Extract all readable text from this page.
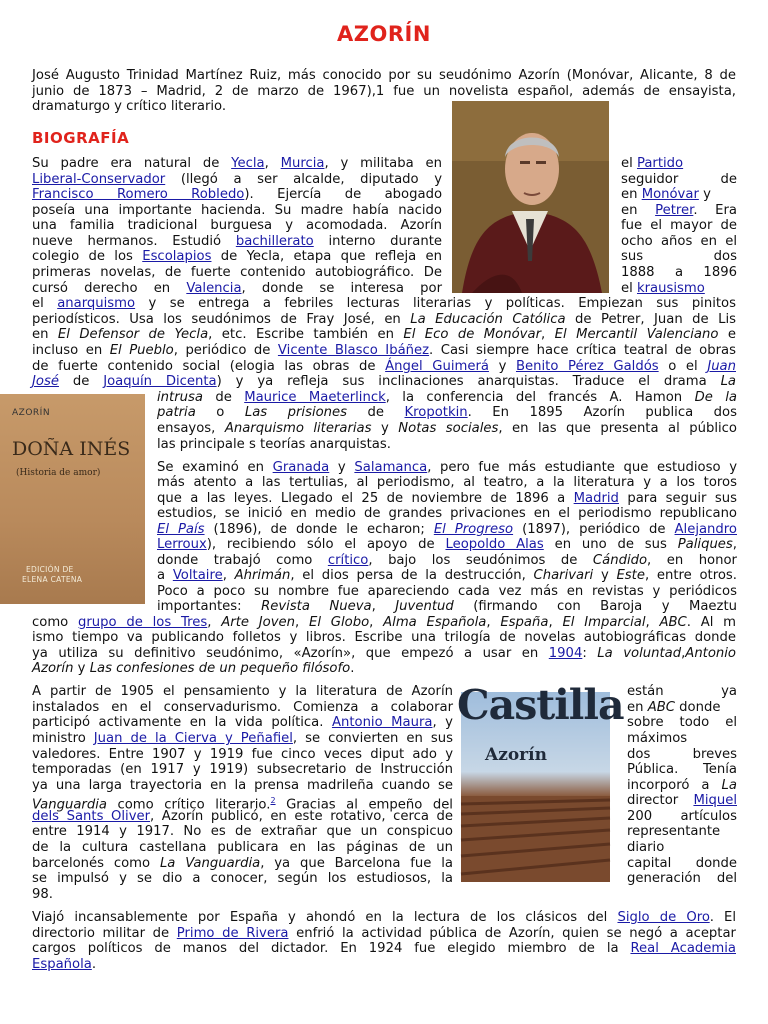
AZORÍN
José Augusto Trinidad Martínez Ruiz, más conocido por su seudónimo Azorín (Monóvar, Alicante, 8 de junio de 1873 – Madrid, 2 de marzo de 1967),1 fue un novelista español, además de ensayista, dramaturgo y crítico literario.
BIOGRAFÍA
Su padre era natural de Yecla, Murcia, y militaba en	el Partido
Liberal-Conservador (llegó a ser alcalde, diputado y	seguidor de
Francisco Romero Robledo). Ejercía de abogado	en Monóvar y
poseía una importante hacienda. Su madre había nacido	en Petrer. Era
una familia tradicional burguesa y acomodada. Azorín	fue el mayor de
nueve hermanos. Estudió bachillerato interno durante	ocho años en el
colegio de los Escolapios de Yecla, etapa que refleja en	sus dos
primeras novelas, de fuerte contenido autobiográfico. De	1888 a 1896
cursó derecho en Valencia, donde se interesa por	el krausismo
el anarquismo y se entrega a febriles lecturas literarias y políticas. Empiezan sus pinitos
periodísticos. Usa los seudónimos de Fray José, en La Educación Católica de Petrer, Juan de Lis
en El Defensor de Yecla, etc. Escribe también en El Eco de Monóvar, El Mercantil Valenciano e
incluso en El Pueblo, periódico de Vicente Blasco Ibáñez. Casi siempre hace crítica teatral de obras
de fuerte contenido social (elogia las obras de Ángel Guimerá y Benito Pérez Galdós o el Juan
José de Joaquín Dicenta) y ya refleja sus inclinaciones anarquistas. Traduce el drama La
AZORÍN
DOÑA INÉS
(Historia de amor)
EDICIÓN DE
ELENA CATENA
intrusa de Maurice Maeterlinck, la conferencia del francés A. Hamon De la
patria o Las prisiones de Kropotkin. En 1895 Azorín publica dos
ensayos, Anarquismo literarias y Notas sociales, en las que presenta al público
las principale s teorías anarquistas.
Se examinó en Granada y Salamanca, pero fue más estudiante que estudioso y
más atento a las tertulias, al periodismo, al teatro, a la literatura y a los toros
que a las leyes. Llegado el 25 de noviembre de 1896 a Madrid para seguir sus
estudios, se inició en medio de grandes privaciones en el periodismo republicano
El País (1896), de donde le echaron; El Progreso (1897), periódico de Alejandro
Lerroux), recibiendo sólo el apoyo de Leopoldo Alas en uno de sus Paliques,
donde trabajó como crítico, bajo los seudónimos de Cándido, en honor
a Voltaire, Ahrimán, el dios persa de la destrucción, Charivari y Este, entre otros.
Poco a poco su nombre fue apareciendo cada vez más en revistas y periódicos
importantes: Revista Nueva, Juventud (firmando con Baroja y Maeztu
como grupo de los Tres, Arte Joven, El Globo, Alma Española, España, El Imparcial, ABC. Al m
ismo tiempo va publicando folletos y libros. Escribe una trilogía de novelas autobiográficas donde
ya utiliza su definitivo seudónimo, «Azorín», que empezó a usar en 1904: La voluntad,Antonio
Azorín y Las confesiones de un pequeño filósofo.
Castilla
Azorín
A partir de 1905 el pensamiento y la literatura de Azorín	están ya
instalados en el conservadurismo. Comienza a colaborar	en ABC donde
participó activamente en la vida política. Antonio Maura, y	sobre todo el
ministro Juan de la Cierva y Peñafiel, se convierten en sus	máximos
valedores. Entre 1907 y 1919 fue cinco veces diput ado y	dos breves
temporadas (en 1917 y 1919) subsecretario de Instrucción	Pública. Tenía
ya una larga trayectoria en la prensa madrileña cuando se	incorporó a La
Vanguardia como crítico literario.$^2$ Gracias al empeño del	director Miquel
dels Sants Oliver, Azorín publicó, en este rotativo, cerca de	200 artículos
entre 1914 y 1917. No es de extrañar que un conspicuo	representante
de la cultura castellana publicara en las páginas de un	diario
barcelonés como La Vanguardia, ya que Barcelona fue la	capital donde
se impulsó y se dio a conocer, según los estudiosos, la	generación del
98.
Viajó incansablemente por España y ahondó en la lectura de los clásicos del Siglo de Oro. El
directorio militar de Primo de Rivera enfrió la actividad pública de Azorín, quien se negó a aceptar
cargos políticos de manos del dictador. En 1924 fue elegido miembro de la Real Academia
Española.
